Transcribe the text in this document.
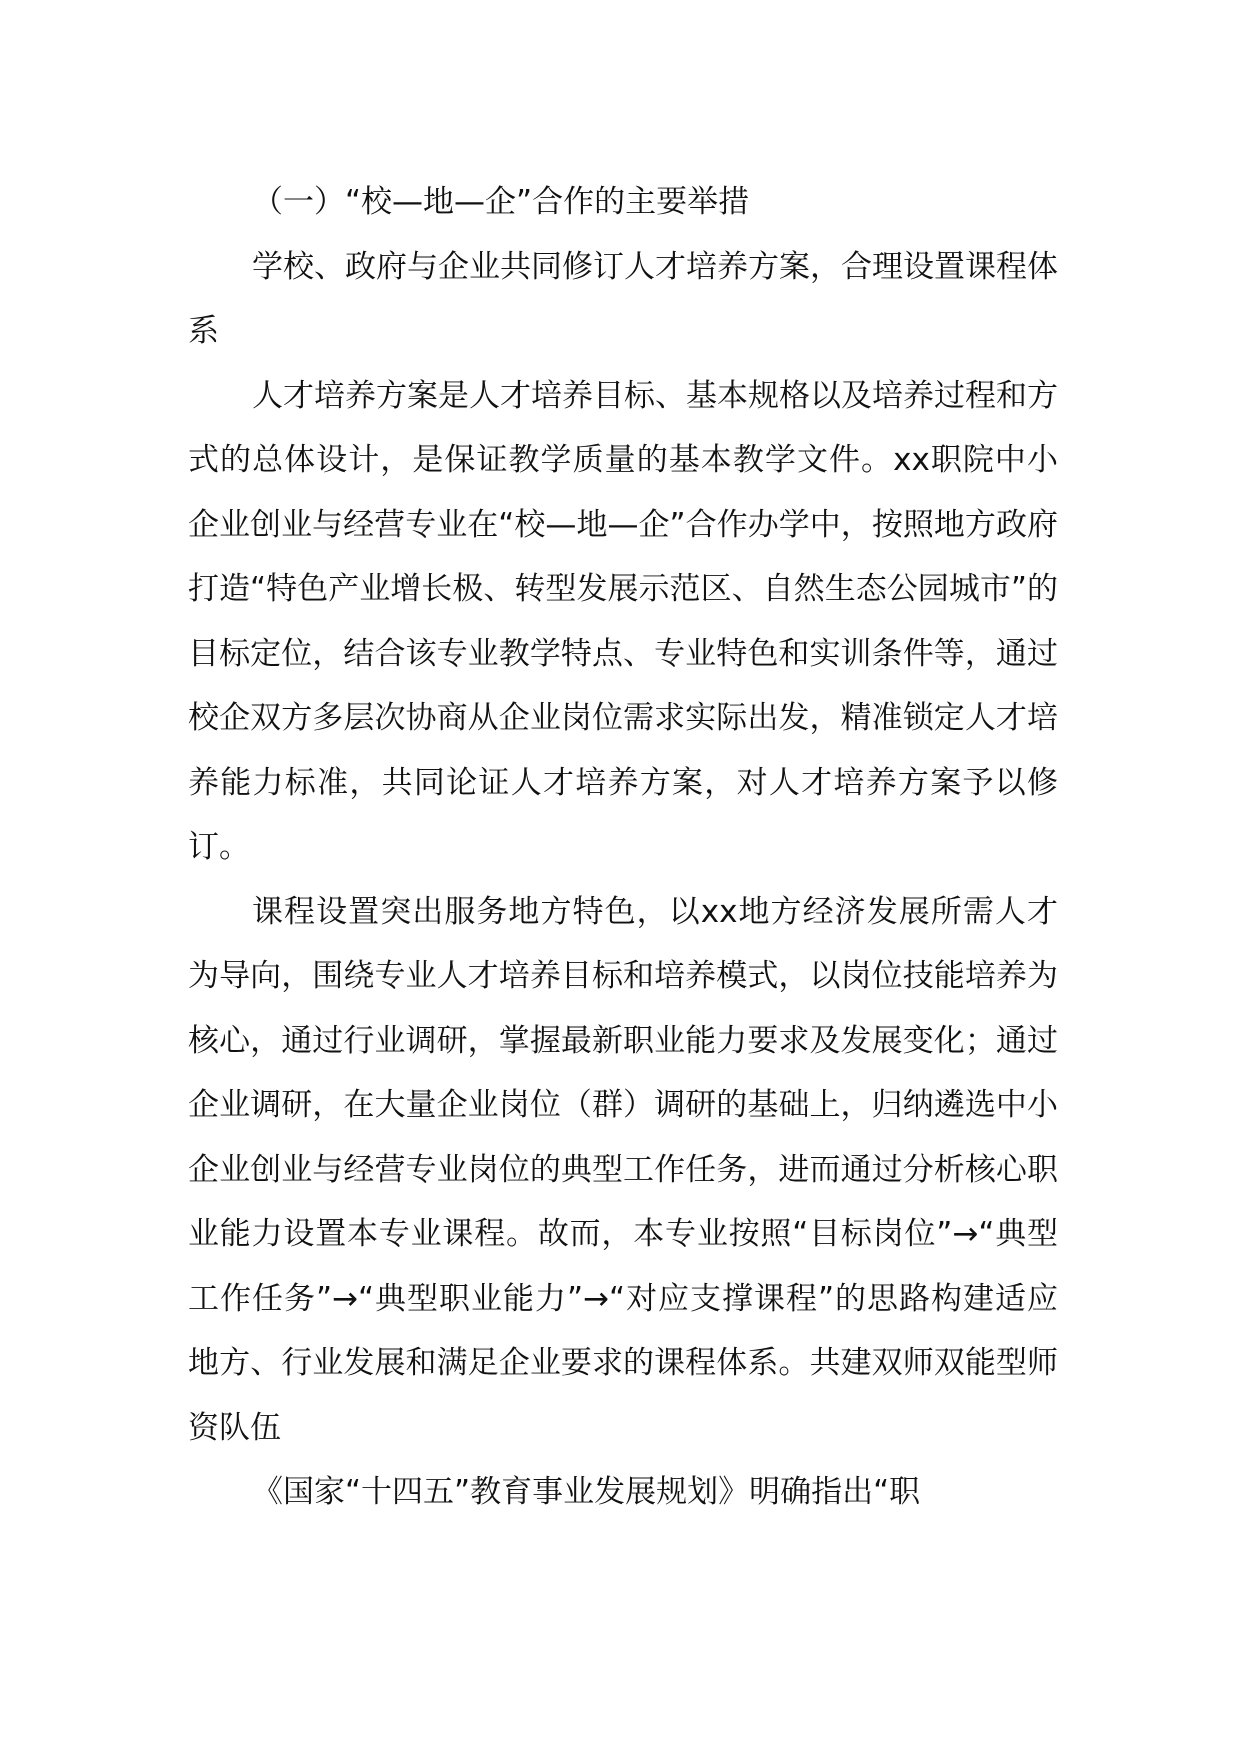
（一）“校—地—企”合作的主要举措

学校、政府与企业共同修订人才培养方案，合理设置课程体系

人才培养方案是人才培养目标、基本规格以及培养过程和方式的总体设计，是保证教学质量的基本教学文件。xx职院中小企业创业与经营专业在“校—地—企”合作办学中，按照地方政府打造“特色产业增长极、转型发展示范区、自然生态公园城市”的目标定位，结合该专业教学特点、专业特色和实训条件等，通过校企双方多层次协商从企业岗位需求实际出发，精准锁定人才培养能力标准，共同论证人才培养方案，对人才培养方案予以修订。

课程设置突出服务地方特色，以xx地方经济发展所需人才为导向，围绕专业人才培养目标和培养模式，以岗位技能培养为核心，通过行业调研，掌握最新职业能力要求及发展变化；通过企业调研，在大量企业岗位（群）调研的基础上，归纳遴选中小企业创业与经营专业岗位的典型工作任务，进而通过分析核心职业能力设置本专业课程。故而，本专业按照“目标岗位”→“典型工作任务”→“典型职业能力”→“对应支撑课程”的思路构建适应地方、行业发展和满足企业要求的课程体系。共建双师双能型师资队伍

《国家“十四五”教育事业发展规划》明确指出“职
